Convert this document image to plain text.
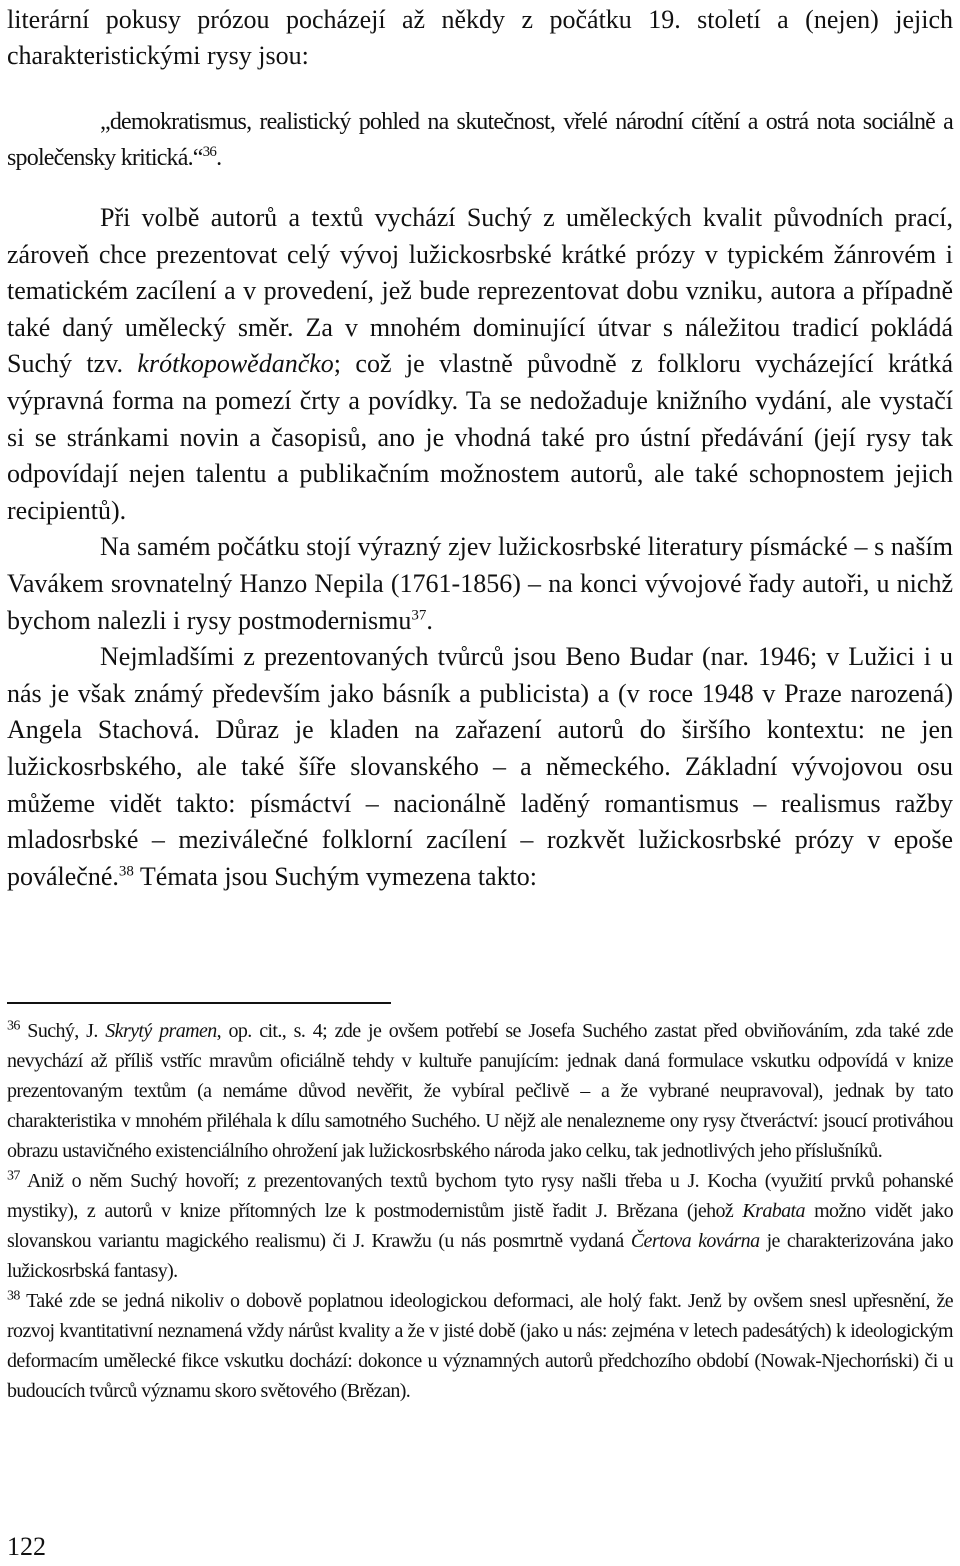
literární pokusy prózou pocházejí až někdy z počátku 19. století a (nejen) jejich charakteristickými rysy jsou:

„demokratismus, realistický pohled na skutečnost, vřelé národní cítění a ostrá nota sociálně a společensky kritická.“$^{36}$.

Při volbě autorů a textů vychází Suchý z uměleckých kvalit původních prací, zároveň chce prezentovat celý vývoj lužickosrbské krátké prózy v typickém žánrovém i tematickém zacílení a v provedení, jež bude reprezentovat dobu vzniku, autora a případně také daný umělecký směr. Za v mnohém dominující útvar s náležitou tradicí pokládá Suchý tzv. krótkopowědančko; což je vlastně původně z folkloru vycházející krátká výpravná forma na pomezí črty a povídky. Ta se nedožaduje knižního vydání, ale vystačí si se stránkami novin a časopisů, ano je vhodná také pro ústní předávání (její rysy tak odpovídají nejen talentu a publikačním možnostem autorů, ale také schopnostem jejich recipientů).

Na samém počátku stojí výrazný zjev lužickosrbské literatury písmácké – s naším Vavákem srovnatelný Hanzo Nepila (1761-1856) – na konci vývojové řady autoři, u nichž bychom nalezli i rysy postmodernismu$^{37}$.

Nejmladšími z prezentovaných tvůrců jsou Beno Budar (nar. 1946; v Lužici i u nás je však známý především jako básník a publicista) a (v roce 1948 v Praze narozená) Angela Stachová. Důraz je kladen na zařazení autorů do širšího kontextu: ne jen lužickosrbského, ale také šíře slovanského – a německého. Základní vývojovou osu můžeme vidět takto: písmáctví – nacionálně laděný romantismus – realismus ražby mladosrbské – meziválečné folklorní zacílení – rozkvět lužickosrbské prózy v epoše poválečné.$^{38}$ Témata jsou Suchým vymezena takto:

$^{36}$ Suchý, J. Skrytý pramen, op. cit., s. 4; zde je ovšem potřebí se Josefa Suchého zastat před obviňováním, zda také zde nevychází až příliš vstříc mravům oficiálně tehdy v kultuře panujícím: jednak daná formulace vskutku odpovídá v knize prezentovaným textům (a nemáme důvod nevěřit, že vybíral pečlivě – a že vybrané neupravoval), jednak by tato charakteristika v mnohém přiléhala k dílu samotného Suchého. U nějž ale nenalezneme ony rysy čtveráctví: jsoucí protiváhou obrazu ustavičného existenciálního ohrožení jak lužickosrbského národa jako celku, tak jednotlivých jeho příslušníků.

$^{37}$ Aniž o něm Suchý hovoří; z prezentovaných textů bychom tyto rysy našli třeba u J. Kocha (využití prvků pohanské mystiky), z autorů v knize přítomných lze k postmodernistům jistě řadit J. Brězana (jehož Krabata možno vidět jako slovanskou variantu magického realismu) či J. Krawžu (u nás posmrtně vydaná Čertova kovárna je charakterizována jako lužickosrbská fantasy).

$^{38}$ Také zde se jedná nikoliv o dobově poplatnou ideologickou deformaci, ale holý fakt. Jenž by ovšem snesl upřesnění, že rozvoj kvantitativní neznamená vždy nárůst kvality a že v jisté době (jako u nás: zejména v letech padesátých) k ideologickým deformacím umělecké fikce vskutku dochází: dokonce u významných autorů předchozího období (Nowak-Njechorński) či u budoucích tvůrců významu skoro světového (Brězan).

122
